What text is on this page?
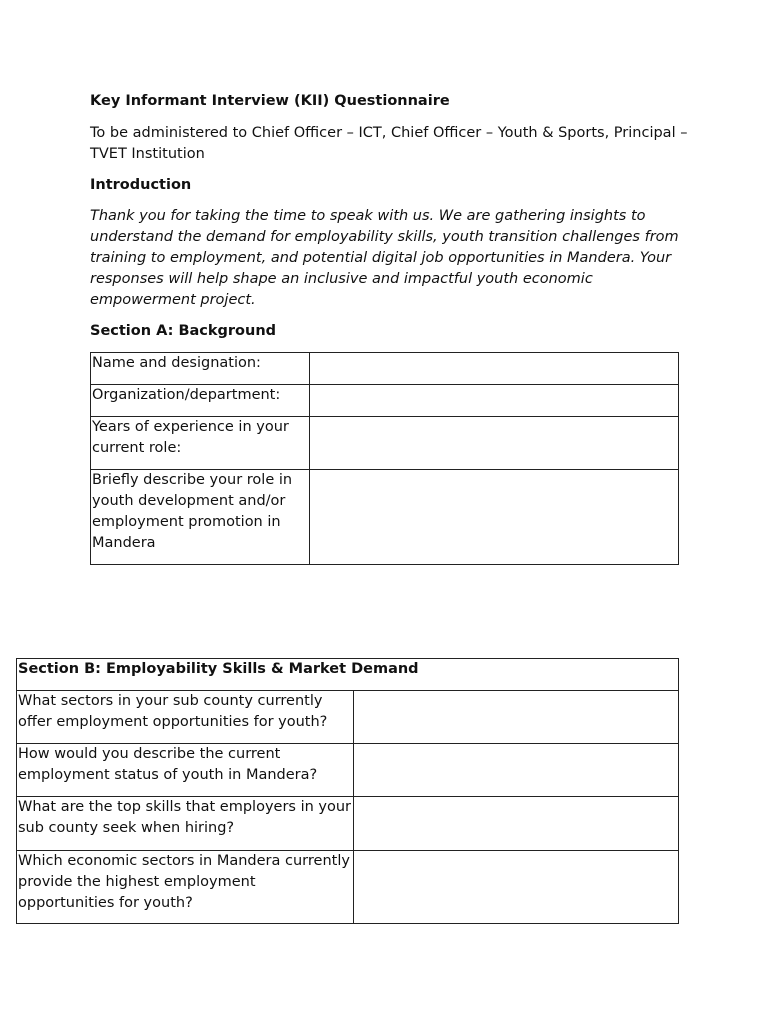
Key Informant Interview (KII) Questionnaire
To be administered to Chief Officer – ICT, Chief Officer – Youth & Sports, Principal – TVET Institution
Introduction
Thank you for taking the time to speak with us. We are gathering insights to understand the demand for employability skills, youth transition challenges from training to employment, and potential digital job opportunities in Mandera. Your responses will help shape an inclusive and impactful youth economic empowerment project.
Section A: Background
Name and designation:	
Organization/department:	
Years of experience in your current role:	
Briefly describe your role in youth development and/or employment promotion in Mandera	
Section B: Employability Skills & Market Demand	
What sectors in your sub county currently offer employment opportunities for youth?	
How would you describe the current employment status of youth in Mandera?	
What are the top skills that employers in your sub county seek when hiring?	
Which economic sectors in Mandera currently provide the highest employment opportunities for youth?	
